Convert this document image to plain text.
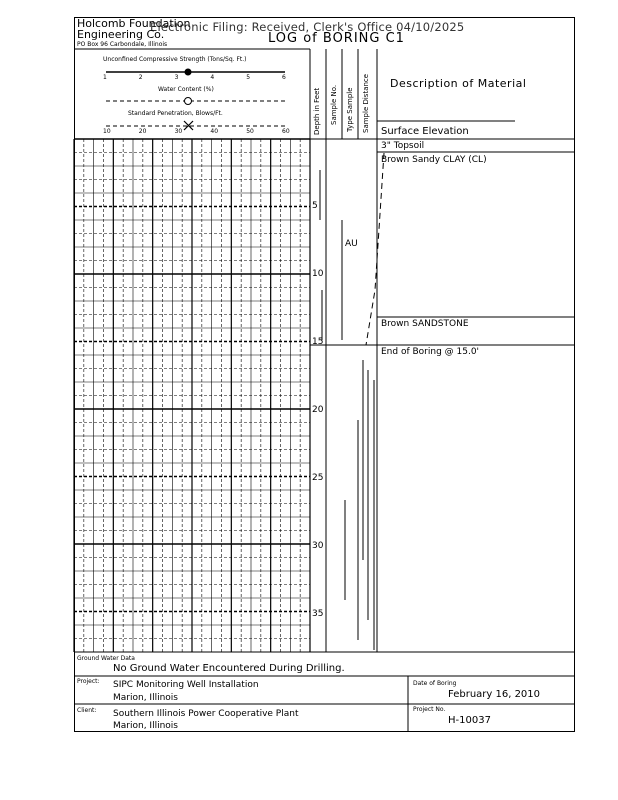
Electronic Filing: Received, Clerk's Office 04/10/2025
Holcomb Foundation
Engineering Co.
PO Box 96 Carbondale, Illinois	LOG of BORING C1
Unconfined Compressive Strength (Tons/Sq. Ft.)
Water Content (%)
Standard Penetration, Blows/Ft.
1	2	3	4	5	6
10	20	30	40	50	60	Depth in Feet Sample No. Type Sample Sample Distance Description of Material
Surface Elevation
3" Topsoil
Brown Sandy CLAY (CL)
Brown SANDSTONE
End of Boring @ 15.0'
AU
5
10
15
20
25
30
35
Ground Water Data
No Ground Water Encountered During Drilling.
Project: SIPC Monitoring Well Installation
Marion, Illinois
Client: Southern Illinois Power Cooperative Plant
Marion, Illinois
Date of Boring
February 16, 2010
Project No.
H-10037
